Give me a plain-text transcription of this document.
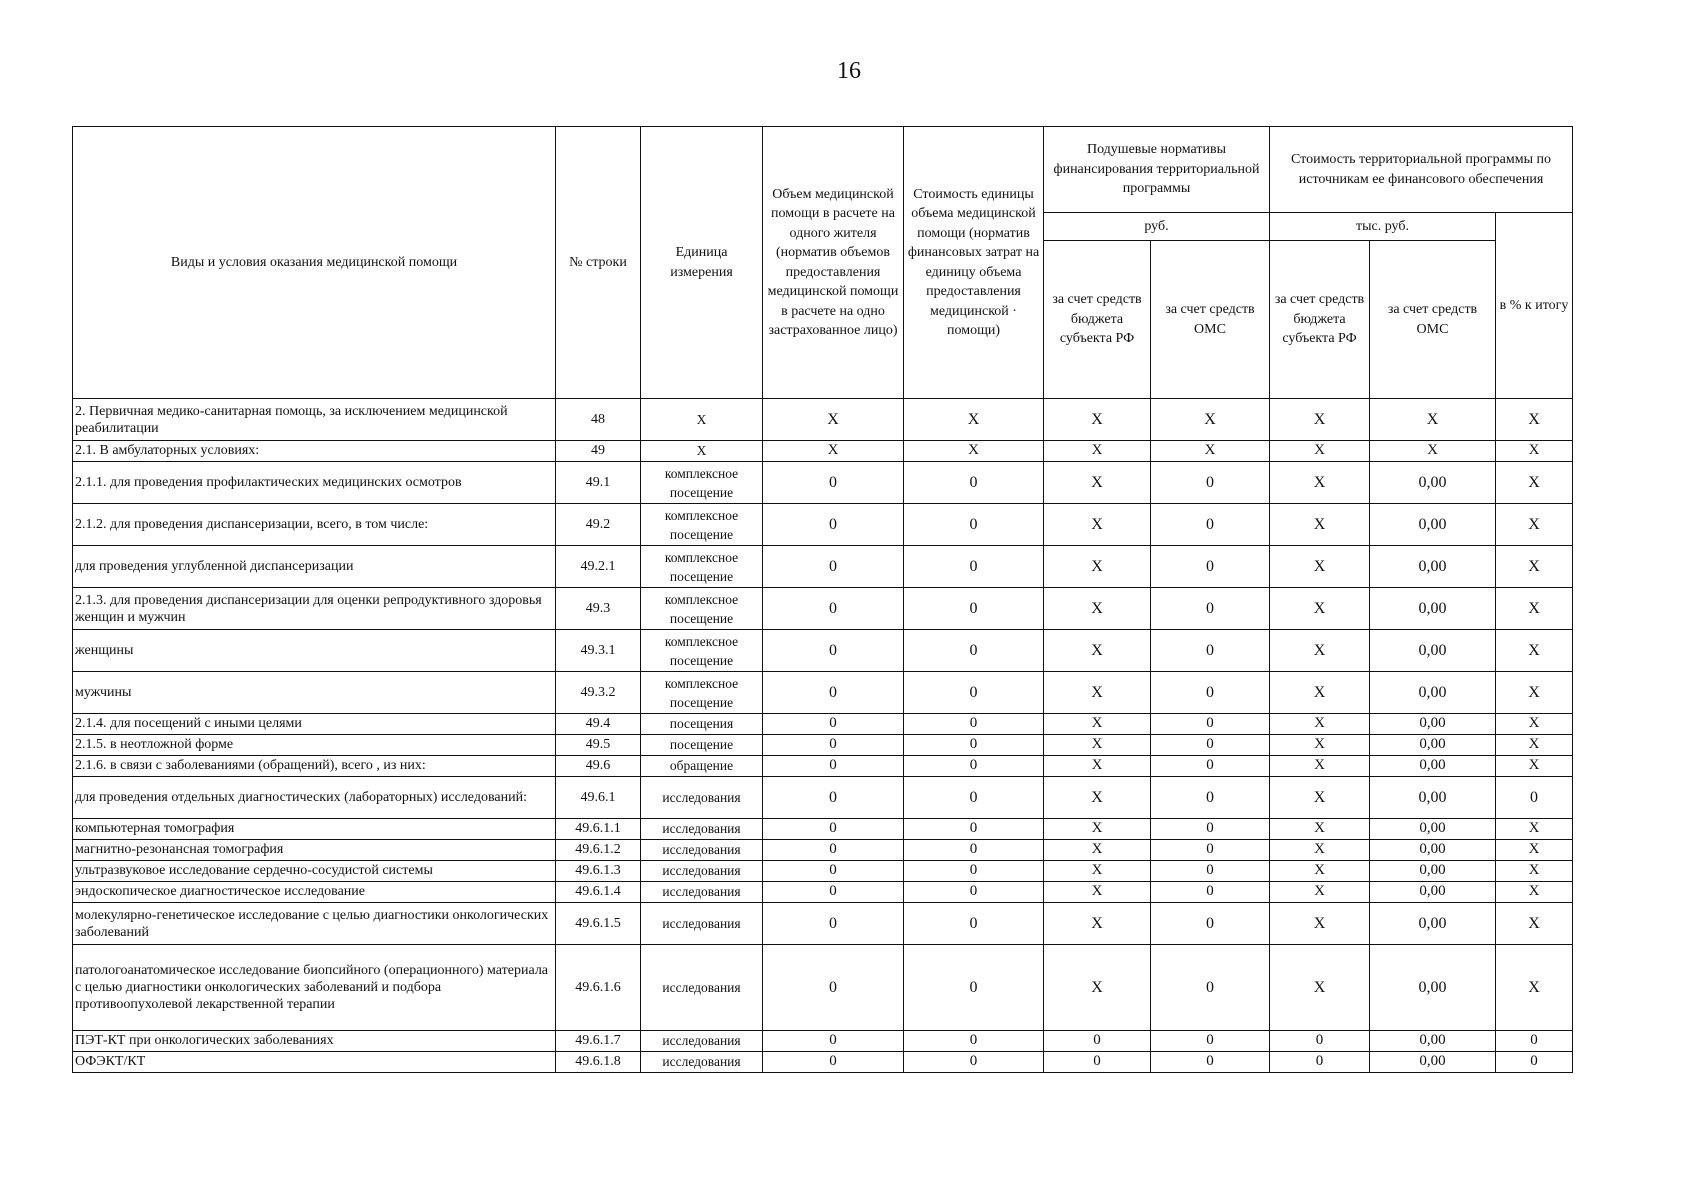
16
Виды и условия оказания медицинской помощи	№ строки	Единица измерения	Объем медицинской помощи в расчете на одного жителя (норматив объемов предоставления медицинской помощи в расчете на одно застрахованное лицо)	Стоимость единицы объема медицинской помощи (норматив финансовых затрат на единицу объема предоставления медицинской · помощи)	Подушевые нормативы финансирования территориальной программы		Стоимость территориальной программы по источникам ее финансового обеспечения		
					руб.		тыс. руб.		в % к итогу
					за счет средств бюджета субъекта РФ	за счет средств ОМС	за счет средств бюджета субъекта РФ	за счет средств ОМС	
2. Первичная медико-санитарная помощь, за исключением медицинской реабилитации	48	X	X	X	X	X	X	X	X
2.1. В амбулаторных условиях:	49	X	X	X	X	X	X	X	X
2.1.1. для проведения профилактических медицинских осмотров	49.1	комплексное посещение	0	0	X	0	X	0,00	X
2.1.2. для проведения диспансеризации, всего, в том числе:	49.2	комплексное посещение	0	0	X	0	X	0,00	X
для проведения углубленной диспансеризации	49.2.1	комплексное посещение	0	0	X	0	X	0,00	X
2.1.3. для проведения диспансеризации для оценки репродуктивного здоровья женщин и мужчин	49.3	комплексное посещение	0	0	X	0	X	0,00	X
женщины	49.3.1	комплексное посещение	0	0	X	0	X	0,00	X
мужчины	49.3.2	комплексное посещение	0	0	X	0	X	0,00	X
2.1.4. для посещений с иными целями	49.4	посещения	0	0	X	0	X	0,00	X
2.1.5. в неотложной форме	49.5	посещение	0	0	X	0	X	0,00	X
2.1.6. в связи с заболеваниями (обращений), всего , из них:	49.6	обращение	0	0	X	0	X	0,00	X
для проведения отдельных диагностических (лабораторных) исследований:	49.6.1	исследования	0	0	X	0	X	0,00	0
компьютерная томография	49.6.1.1	исследования	0	0	X	0	X	0,00	X
магнитно-резонансная томография	49.6.1.2	исследования	0	0	X	0	X	0,00	X
ультразвуковое исследование сердечно-сосудистой системы	49.6.1.3	исследования	0	0	X	0	X	0,00	X
эндоскопическое диагностическое исследование	49.6.1.4	исследования	0	0	X	0	X	0,00	X
молекулярно-генетическое исследование с целью диагностики онкологических заболеваний	49.6.1.5	исследования	0	0	X	0	X	0,00	X
патологоанатомическое исследование биопсийного (операционного) материала с целью диагностики онкологических заболеваний и подбора противоопухолевой лекарственной терапии	49.6.1.6	исследования	0	0	X	0	X	0,00	X
ПЭТ-КТ при онкологических заболеваниях	49.6.1.7	исследования	0	0	0	0	0	0,00	0
ОФЭКТ/КТ	49.6.1.8	исследования	0	0	0	0	0	0,00	0
